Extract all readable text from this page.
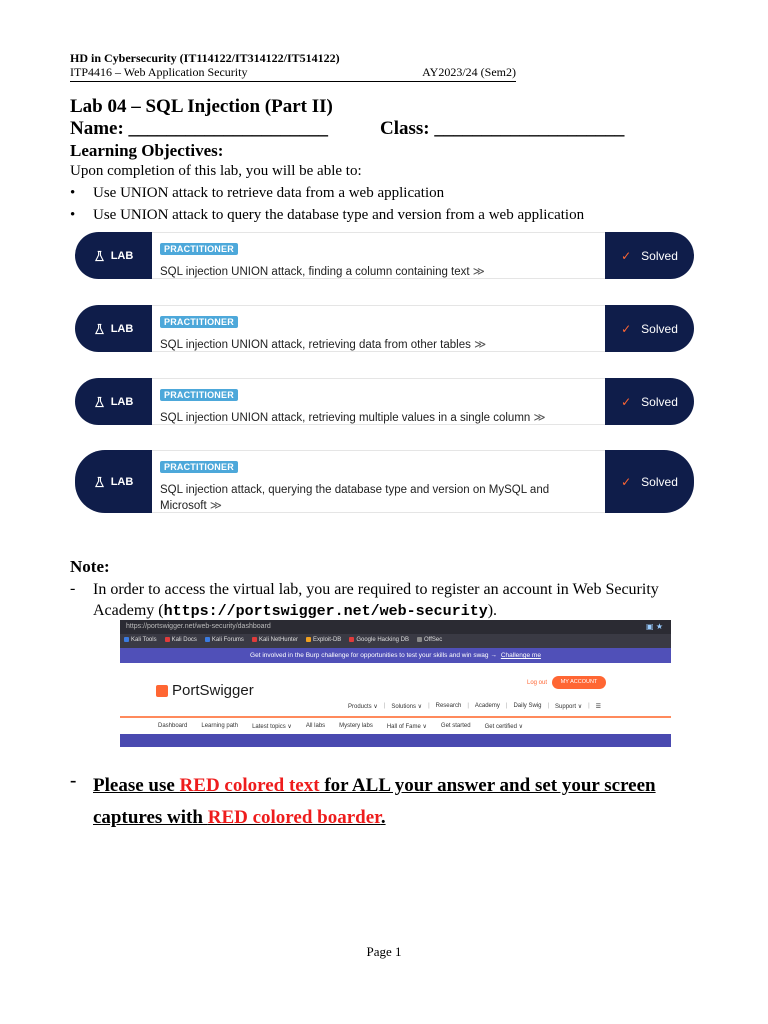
HD in Cybersecurity (IT114122/IT314122/IT514122)
ITP4416 – Web Application Security	AY2023/24 (Sem2)
Lab 04 – SQL Injection (Part II)
Name: _____________________	Class: ____________________
Learning Objectives:
Upon completion of this lab, you will be able to:
• Use UNION attack to retrieve data from a web application
• Use UNION attack to query the database type and version from a web application
LAB
PRACTITIONER
SQL injection UNION attack, finding a column containing text ≫
✓ Solved
LAB
PRACTITIONER
SQL injection UNION attack, retrieving data from other tables ≫
✓ Solved
LAB
PRACTITIONER
SQL injection UNION attack, retrieving multiple values in a single column ≫
✓ Solved
LAB
PRACTITIONER
SQL injection attack, querying the database type and version on MySQL and Microsoft ≫
✓ Solved
Note:
- In order to access the virtual lab, you are required to register an account in Web Security Academy (https://portswigger.net/web-security).
https://portswigger.net/web-security/dashboard	▣ ★
Kali Tools	Kali Docs	Kali Forums	Kali NetHunter	Exploit-DB	Google Hacking DB	OffSec
Get involved in the Burp challenge for opportunities to test your skills and win swag → Challenge me
PortSwigger	Log out	MY ACCOUNT
Products ∨ | Solutions ∨ | Research | Academy | Daily Swig | Support ∨ | ☰
Dashboard Learning path Latest topics ∨ All labs Mystery labs Hall of Fame ∨ Get started Get certified ∨
- Please use RED colored text for ALL your answer and set your screen captures with RED colored boarder.
Page 1
